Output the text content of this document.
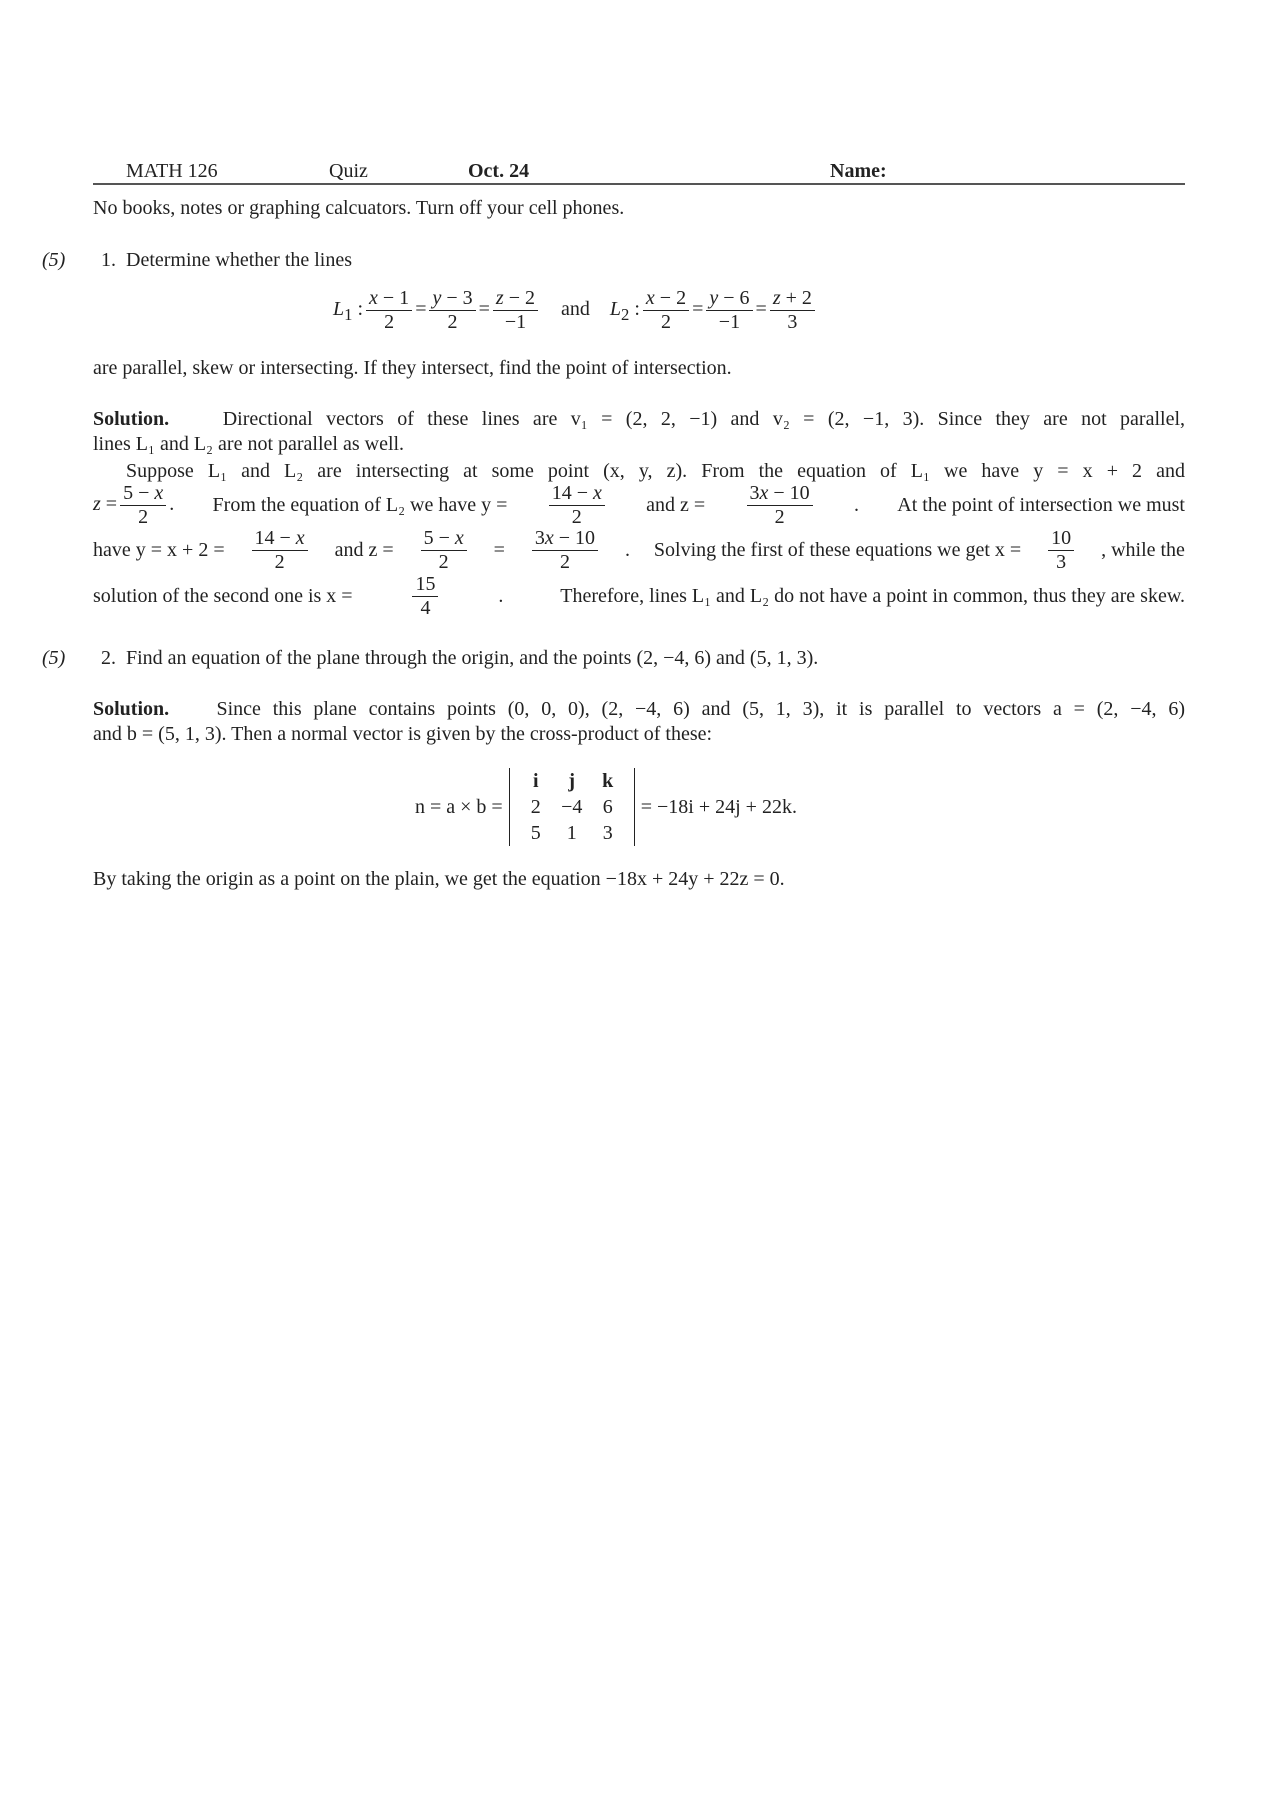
MATH 126	Quiz	Oct. 24	Name:
No books, notes or graphing calcuators. Turn off your cell phones.
(5) 1. Determine whether the lines
$L_1$ : $\frac{x - 1}{2} = \frac{y - 3}{2} = \frac{z - 2}{-1}$ and    $L_2$ : $\frac{x - 2}{2} = \frac{y - 6}{-1} = \frac{z + 2}{3}$
are parallel, skew or intersecting. If they intersect, find the point of intersection.
Solution.	Directional vectors of these lines are v₁ = (2, 2, −1) and v₂ = (2, −1, 3). Since they are not parallel,
lines L₁ and L₂ are not parallel as well.
Suppose L₁ and L₂ are intersecting at some point (x, y, z). From the equation of L₁ we have y = x + 2 and
$z = \frac{5 - x}{2}$ . From the equation of L₂ we have $y = \frac{14 - x}{2}$ and $z = \frac{3x - 10}{2}$ . At the point of intersection we must
have $y = x + 2 = \frac{14 - x}{2}$ and $z = \frac{5 - x}{2}$ =
3x − 10
2
. Solving the first of these equations we get $x = \frac{10}{3}$ , while the
solution of the second one is x =	$\frac{15}{4}$	.	Therefore, lines L₁ and L₂ do not have a point in common, thus they are skew.
(5) 2. Find an equation of the plane through the origin, and the points (2, −4, 6) and (5, 1, 3).
Solution. Since this plane contains points (0, 0, 0), (2, −4, 6) and (5, 1, 3), it is parallel to vectors a = (2, −4, 6)
and b = (5, 1, 3). Then a normal vector is given by the cross-product of these:
n = a × b =
i	j	k
2	−4	6
5	1	3
= −18i + 24j + 22k.
By taking the origin as a point on the plain, we get the equation −18x + 24y + 22z = 0.
